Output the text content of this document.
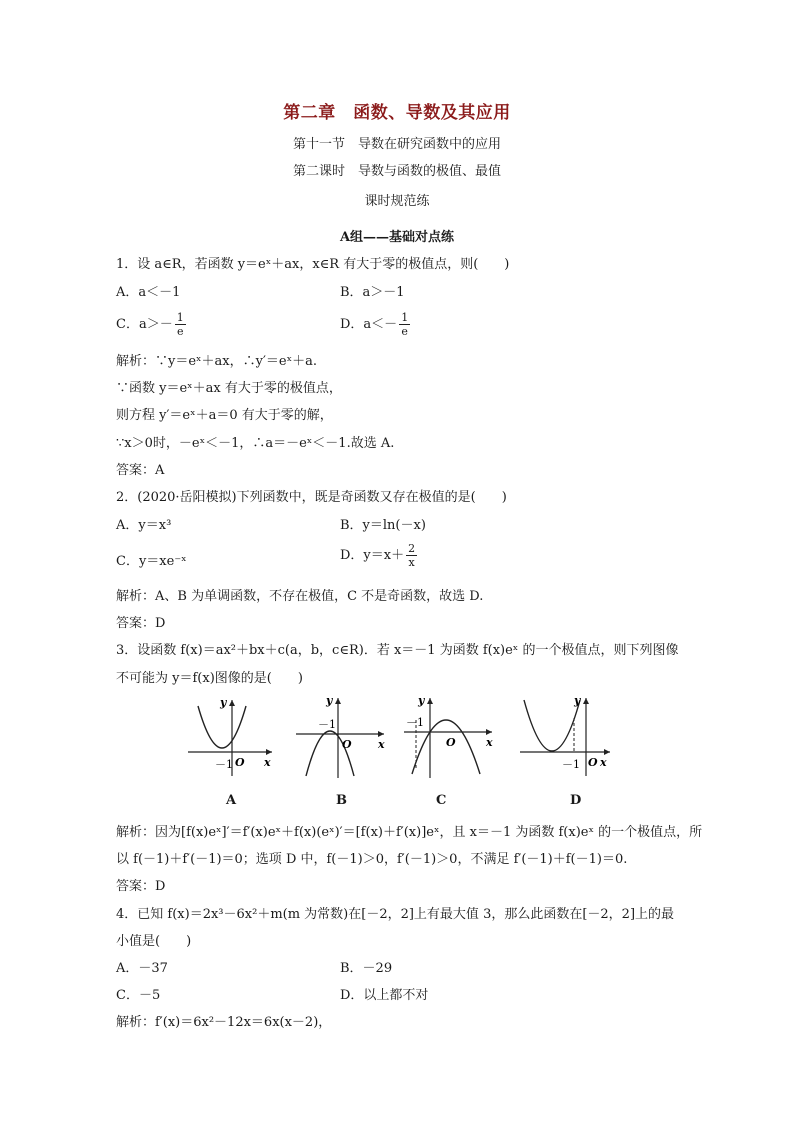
第二章　函数、导数及其应用
第十一节　导数在研究函数中的应用
第二课时　导数与函数的极值、最值
课时规范练
A组——基础对点练
1．设 a∈R，若函数 y＝eˣ＋ax，x∈R 有大于零的极值点，则(　　)
A．a＜－1	B．a＞－1
C．$a>- \frac{1}{e}$	D．$a<- \frac{1}{e}$
解析：∵y＝eˣ＋ax，∴y′＝eˣ＋a.
∵函数 y＝eˣ＋ax 有大于零的极值点，
则方程 y′＝eˣ＋a＝0 有大于零的解，
∵x＞0时，－eˣ＜－1，∴a＝－eˣ＜－1.故选 A.
答案：A
2．(2020·岳阳模拟)下列函数中，既是奇函数又存在极值的是(　　)
A．y＝x³	B．y＝ln(－x)
C．y＝xe⁻ˣ	D．$y=x+ \frac{2}{x}$
解析：A、B 为单调函数，不存在极值，C 不是奇函数，故选 D.
答案：D
3．设函数 f(x)＝ax²＋bx＋c(a，b，c∈R)．若 x＝－1 为函数 f(x)eˣ 的一个极值点，则下列图像
不可能为 y＝f(x)图像的是(　　)
－1 O x
y
A
－1
O x
y
B
－1
O	x
y
C
－1 O x
y
D
解析：因为[f(x)eˣ]′＝f′(x)eˣ＋f(x)(eˣ)′＝[f(x)＋f′(x)]eˣ，且 x＝－1 为函数 f(x)eˣ 的一个极值点，所
以 f(－1)＋f′(－1)＝0；选项 D 中，f(－1)＞0，f′(－1)＞0，不满足 f′(－1)＋f(－1)＝0.
答案：D
4．已知 f(x)＝2x³－6x²＋m(m 为常数)在[－2，2]上有最大值 3，那么此函数在[－2，2]上的最
小值是(　　)
A．－37	B．－29
C．－5	D．以上都不对
解析：f′(x)＝6x²－12x＝6x(x－2)，
